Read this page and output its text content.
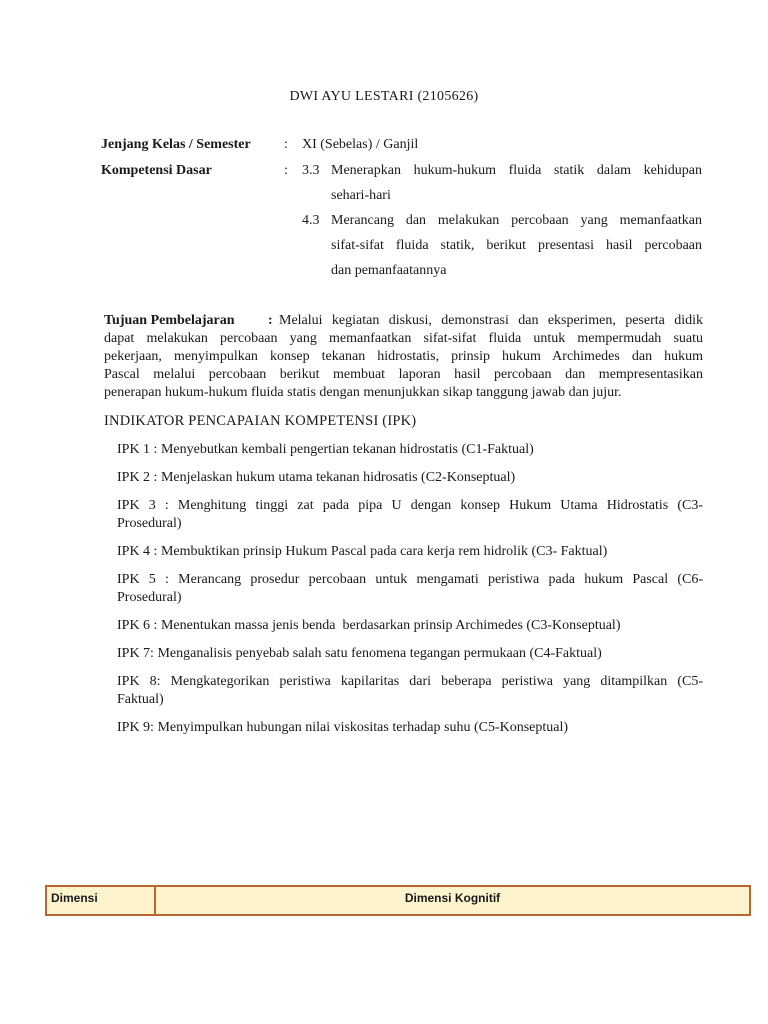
DWI AYU LESTARI (2105626)
Jenjang Kelas / Semester : XI (Sebelas) / Ganjil
Kompetensi Dasar	: 3.3 Menerapkan hukum-hukum fluida statik dalam kehidupan
sehari-hari
4.3 Merancang dan melakukan percobaan yang memanfaatkan
sifat-sifat fluida statik, berikut presentasi hasil percobaan
dan pemanfaatannya
Tujuan Pembelajaran : Melalui kegiatan diskusi, demonstrasi dan eksperimen, peserta didik
dapat melakukan percobaan yang memanfaatkan sifat-sifat fluida untuk mempermudah suatu
pekerjaan, menyimpulkan konsep tekanan hidrostatis, prinsip hukum Archimedes dan hukum
Pascal melalui percobaan berikut membuat laporan hasil percobaan dan mempresentasikan
penerapan hukum-hukum fluida statis dengan menunjukkan sikap tanggung jawab dan jujur.
INDIKATOR PENCAPAIAN KOMPETENSI (IPK)
IPK 1 : Menyebutkan kembali pengertian tekanan hidrostatis (C1-Faktual)
IPK 2 : Menjelaskan hukum utama tekanan hidrosatis (C2-Konseptual)
IPK 3 : Menghitung tinggi zat pada pipa U dengan konsep Hukum Utama Hidrostatis (C3-
Prosedural)
IPK 4 : Membuktikan prinsip Hukum Pascal pada cara kerja rem hidrolik (C3- Faktual)
IPK 5 : Merancang prosedur percobaan untuk mengamati peristiwa pada hukum Pascal (C6-
Prosedural)
IPK 6 : Menentukan massa jenis benda  berdasarkan prinsip Archimedes (C3-Konseptual)
IPK 7: Menganalisis penyebab salah satu fenomena tegangan permukaan (C4-Faktual)
IPK 8: Mengkategorikan peristiwa kapilaritas dari beberapa peristiwa yang ditampilkan (C5-
Faktual)
IPK 9: Menyimpulkan hubungan nilai viskositas terhadap suhu (C5-Konseptual)
Dimensi	Dimensi Kognitif
